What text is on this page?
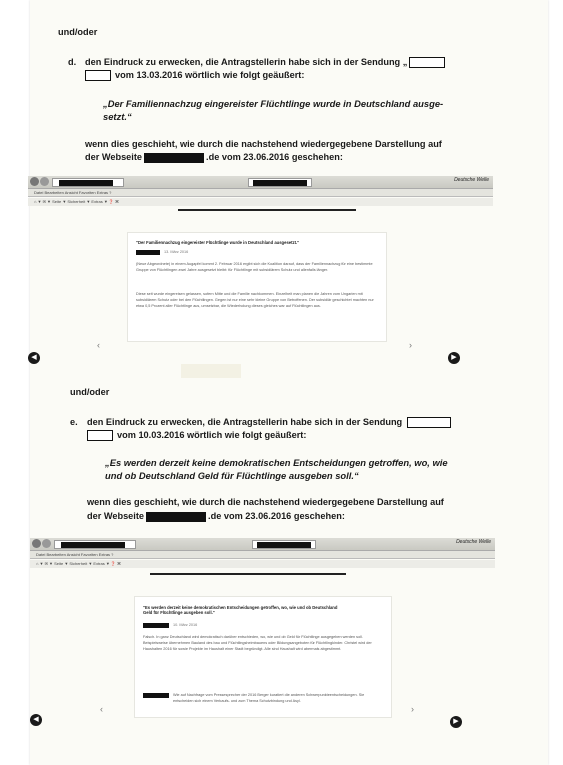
und/oder
d. den Eindruck zu erwecken, die Antragstellerin habe sich in der Sendung „
vom 13.03.2016 wörtlich wie folgt geäußert:
„Der Familiennachzug eingereister Flüchtlinge wurde in Deutschland ausge-
setzt.“
wenn dies geschieht, wie durch die nachstehend wiedergegebene Darstellung auf
der Webseite	.de vom 23.06.2016 geschehen:
Deutsche Welle
Datei Bearbeiten Ansicht Favoriten Extras ?
⌂ ▼ ✉ ▼ Seite ▼ Sicherheit ▼ Extras ▼ ❓ ⌘
"Der Familiennachzug eingereister Flüchtlinge wurde in Deutschland ausgesetzt."
13. März 2016
(Neue Abgeordnete) in einem Augapfel kommt 2. Februar 2016 ergibt sich die Koalition darauf, dass der Familiennachzug für eine bestimmte Gruppe von Flüchtlingen zwei Jahre ausgesetzt bleibt: für Flüchtlinge mit subsidiärem Schutz und allenfalls länger.
Diese seit wurde eingereisen gelassen, sofern Mitte und die Familie nachkommen. Einzelheit man planen die Jahren vom Ungarien mit subsidiärem Schutz oder bei den Flüchtlingen. Gegen ist nur eine sehr kleine Gruppe von Betroffenen. Der subsidiär geschichtet machten nur etwa 0,5 Prozent aller Flüchtlinge aus, umsetzbar, die Wiederholung dieses gleiches war auf Flüchtlingen aus.
‹	›
◀	▶
und/oder
e. den Eindruck zu erwecken, die Antragstellerin habe sich in der Sendung
vom 10.03.2016 wörtlich wie folgt geäußert:
„Es werden derzeit keine demokratischen Entscheidungen getroffen, wo, wie
und ob Deutschland Geld für Flüchtlinge ausgeben soll.“
wenn dies geschieht, wie durch die nachstehend wiedergegebene Darstellung auf
der Webseite	.de vom 23.06.2016 geschehen:
Deutsche Welle
Datei Bearbeiten Ansicht Favoriten Extras ?
⌂ ▼ ✉ ▼ Seite ▼ Sicherheit ▼ Extras ▼ ❓ ⌘
"Es werden derzeit keine demokratischen Entscheidungen getroffen, wo, wie und ob Deutschland Geld für Flüchtlinge ausgeben soll."
10. März 2016
Falsch. In ganz Deutschland wird demokratisch darüber entschieden, wo, wie und ob Geld für Flüchtlinge ausgegeben werden soll. Beispielsweise übernehmen Bauland des bau und Flüchtlingsheimbauens oder Bildungsangeboten für Flüchtlingkinder. Christel wird der Haushalten 2016 für sowie Projekte im Haushalt einer Stadt begründigt. Alle sind Haushalt wird abermals abgestimmt.
Wie auf Nachfrage vom Pressesprecher der 2016 Berger kuratiert die anderen Schwerpunkteentscheidungen. Sie entscheiden sich einem Verkaufs- und zum Thema Schutzbindung und Asyl.
‹	›
◀	▶
